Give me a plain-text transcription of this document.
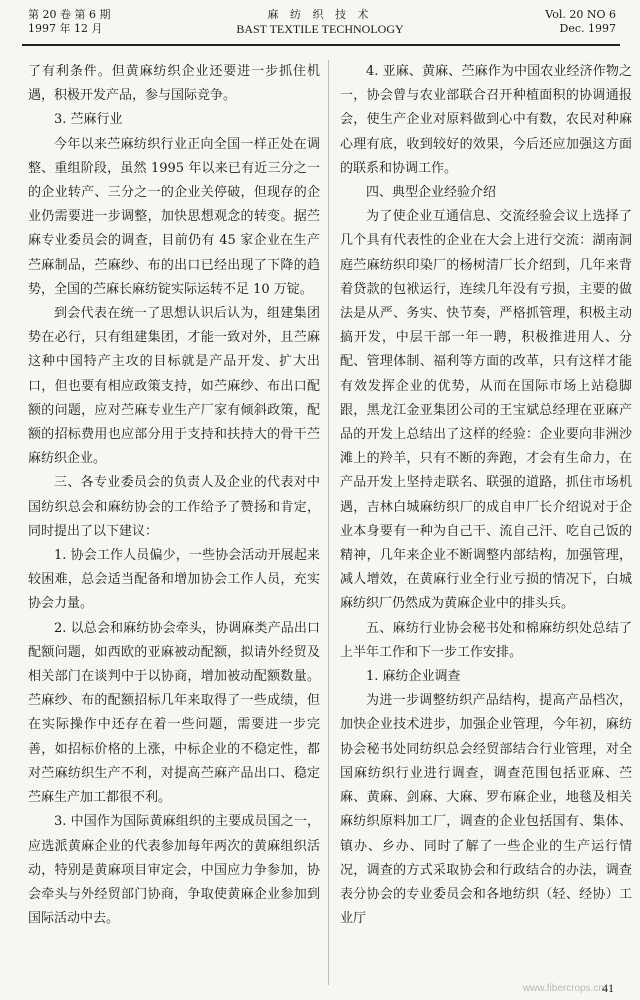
第 20 卷 第 6 期
1997 年 12 月
麻 纺 织 技 术
BAST TEXTILE TECHNOLOGY
Vol. 20 NO 6
Dec. 1997

了有利条件。但黄麻纺织企业还要进一步抓住机遇，积极开发产品，参与国际竞争。

3. 苎麻行业

今年以来苎麻纺织行业正向全国一样正处在调整、重组阶段，虽然 1995 年以来已有近三分之一的企业转产、三分之一的企业关停破，但现存的企业仍需要进一步调整，加快思想观念的转变。据苎麻专业委员会的调查，目前仍有 45 家企业在生产苎麻制品，苎麻纱、布的出口已经出现了下降的趋势，全国的苎麻长麻纺锭实际运转不足 10 万锭。

到会代表在统一了思想认识后认为，组建集团势在必行，只有组建集团，才能一致对外，且苎麻这种中国特产主攻的目标就是产品开发、扩大出口，但也要有相应政策支持，如苎麻纱、布出口配额的问题，应对苎麻专业生产厂家有倾斜政策，配额的招标费用也应部分用于支持和扶持大的骨干苎麻纺织企业。

三、各专业委员会的负责人及企业的代表对中国纺织总会和麻纺协会的工作给予了赞扬和肯定，同时提出了以下建议：

1. 协会工作人员偏少，一些协会活动开展起来较困难，总会适当配备和增加协会工作人员，充实协会力量。

2. 以总会和麻纺协会牵头，协调麻类产品出口配额问题，如西欧的亚麻被动配额，拟请外经贸及相关部门在谈判中于以协商，增加被动配额数量。苎麻纱、布的配额招标几年来取得了一些成绩，但在实际操作中还存在着一些问题，需要进一步完善，如招标价格的上涨，中标企业的不稳定性，都对苎麻纺织生产不利，对提高苎麻产品出口、稳定苎麻生产加工都很不利。

3. 中国作为国际黄麻组织的主要成员国之一，应选派黄麻企业的代表参加每年两次的黄麻组织活动，特别是黄麻项目审定会，中国应力争参加，协会牵头与外经贸部门协商，争取使黄麻企业参加到国际活动中去。

4. 亚麻、黄麻、苎麻作为中国农业经济作物之一，协会曾与农业部联合召开种植面积的协调通报会，使生产企业对原料做到心中有数，农民对种麻心理有底，收到较好的效果，今后还应加强这方面的联系和协调工作。

四、典型企业经验介绍

为了使企业互通信息、交流经验会议上选择了几个具有代表性的企业在大会上进行交流：湖南洞庭苎麻纺织印染厂的杨树清厂长介绍到，几年来背着贷款的包袱运行，连续几年没有亏损，主要的做法是从严、务实、快节奏，严格抓管理，积极主动搞开发，中层干部一年一聘，积极推进用人、分配、管理体制、福利等方面的改革，只有这样才能有效发挥企业的优势，从而在国际市场上站稳脚跟，黑龙江金亚集团公司的王宝斌总经理在亚麻产品的开发上总结出了这样的经验：企业要向非洲沙滩上的羚羊，只有不断的奔跑，才会有生命力，在产品开发上坚持走联名、联强的道路，抓住市场机遇，吉林白城麻纺织厂的成自申厂长介绍说对于企业本身要有一种为自己干、流自己汗、吃自己饭的精神，几年来企业不断调整内部结构，加强管理，减人增效，在黄麻行业全行业亏损的情况下，白城麻纺织厂仍然成为黄麻企业中的排头兵。

五、麻纺行业协会秘书处和棉麻纺织处总结了上半年工作和下一步工作安排。

1. 麻纺企业调查

为进一步调整纺织产品结构，提高产品档次，加快企业技术进步，加强企业管理，今年初，麻纺协会秘书处同纺织总会经贸部结合行业管理，对全国麻纺织行业进行调查，调查范围包括亚麻、苎麻、黄麻、剑麻、大麻、罗布麻企业，地毯及相关麻纺织原料加工厂，调查的企业包括国有、集体、镇办、乡办、同时了解了一些企业的生产运行情况，调查的方式采取协会和行政结合的办法，调查表分协会的专业委员会和各地纺织（轻、经协）工业厅

www.fibercrops.cn
41
